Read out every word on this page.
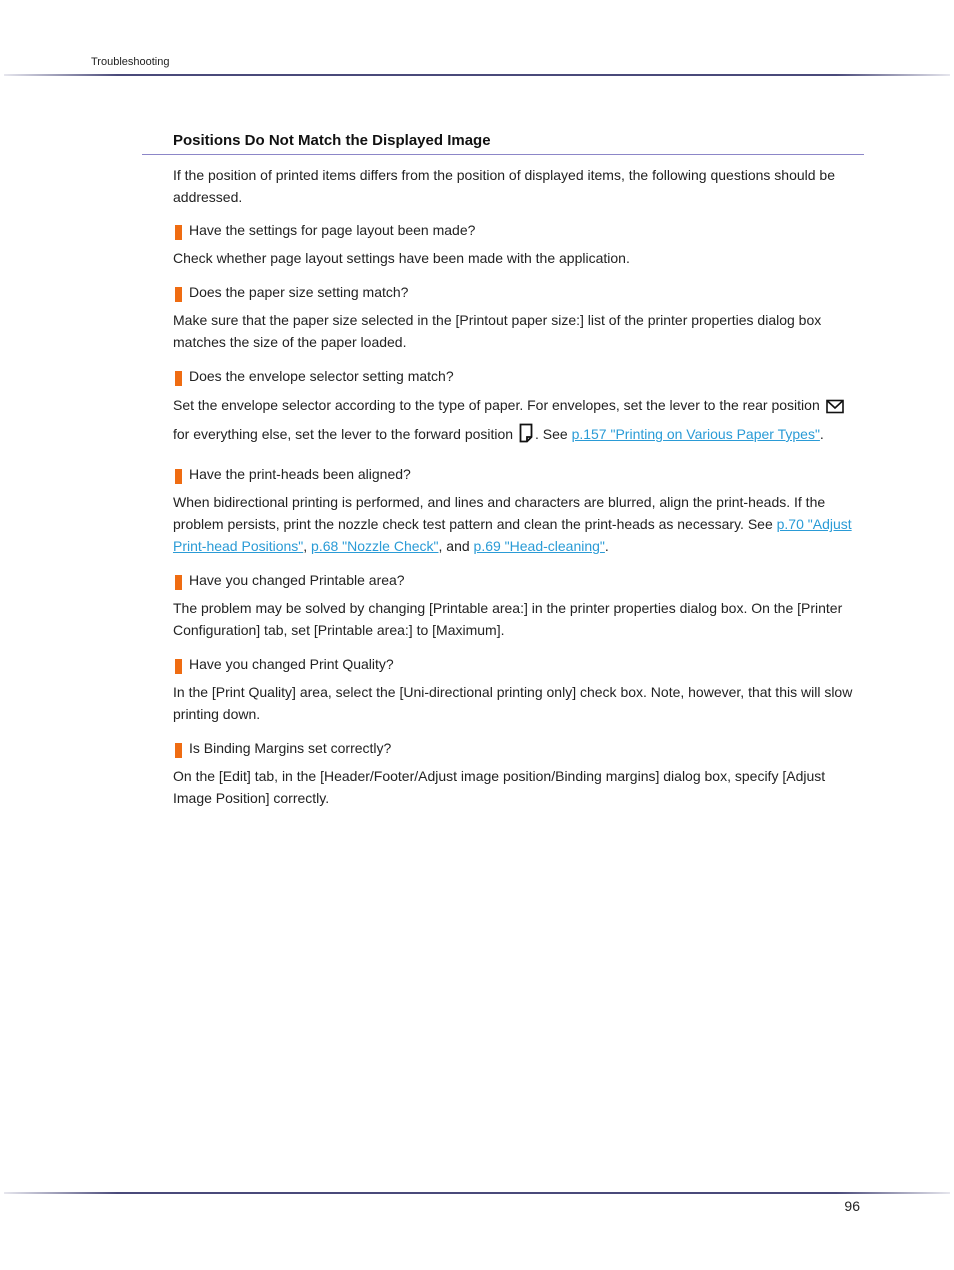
Troubleshooting
Positions Do Not Match the Displayed Image

If the position of printed items differs from the position of displayed items, the following questions should be addressed.

Have the settings for page layout been made?

Check whether page layout settings have been made with the application.

Does the paper size setting match?

Make sure that the paper size selected in the [Printout paper size:] list of the printer properties dialog box matches the size of the paper loaded.

Does the envelope selector setting match?

Set the envelope selector according to the type of paper. For envelopes, set the lever to the rear position  for everything else, set the lever to the forward position . See p.157 "Printing on Various Paper Types".

Have the print-heads been aligned?

When bidirectional printing is performed, and lines and characters are blurred, align the print-heads. If the problem persists, print the nozzle check test pattern and clean the print-heads as necessary. See p.70 "Adjust Print-head Positions", p.68 "Nozzle Check", and p.69 "Head-cleaning".

Have you changed Printable area?

The problem may be solved by changing [Printable area:] in the printer properties dialog box. On the [Printer Configuration] tab, set [Printable area:] to [Maximum].

Have you changed Print Quality?

In the [Print Quality] area, select the [Uni-directional printing only] check box. Note, however, that this will slow printing down.

Is Binding Margins set correctly?

On the [Edit] tab, in the [Header/Footer/Adjust image position/Binding margins] dialog box, specify [Adjust Image Position] correctly.

96
